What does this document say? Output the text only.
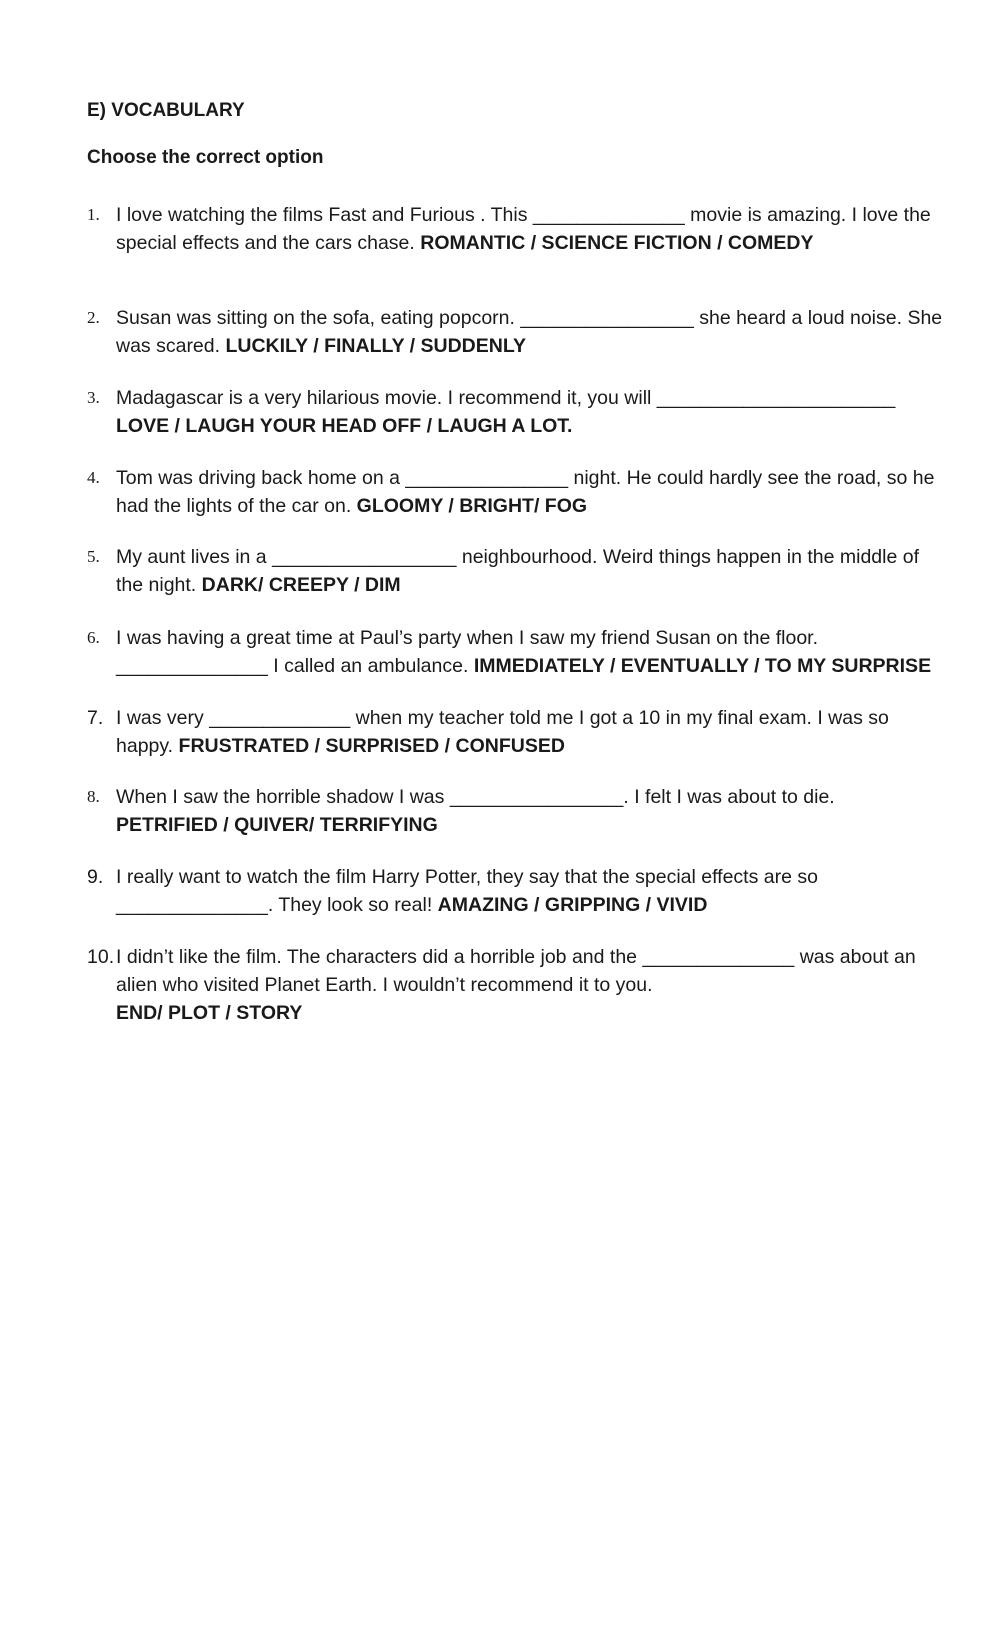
E) VOCABULARY
Choose the correct option
1. I love watching the films Fast and Furious . This ______________ movie is amazing. I love the special effects and the cars chase. ROMANTIC / SCIENCE FICTION / COMEDY
2. Susan was sitting on the sofa, eating popcorn. ________________ she heard a loud noise. She was scared. LUCKILY / FINALLY / SUDDENLY
3. Madagascar is a very hilarious movie. I recommend it, you will ______________________
LOVE / LAUGH YOUR HEAD OFF / LAUGH A LOT.
4. Tom was driving back home on a _______________ night. He could hardly see the road, so he had the lights of the car on. GLOOMY / BRIGHT/ FOG
5. My aunt lives in a _________________ neighbourhood. Weird things happen in the middle of the night. DARK/ CREEPY / DIM
6. I was having a great time at Paul’s party when I saw my friend Susan on the floor. ______________ I called an ambulance. IMMEDIATELY / EVENTUALLY / TO MY SURPRISE
7. I was very _____________ when my teacher told me I got a 10 in my final exam. I was so happy. FRUSTRATED / SURPRISED / CONFUSED
8. When I saw the horrible shadow I was ________________. I felt I was about to die.
PETRIFIED / QUIVER/ TERRIFYING
9. I really want to watch the film Harry Potter, they say that the special effects are so ______________. They look so real! AMAZING / GRIPPING / VIVID
10. I didn’t like the film. The characters did a horrible job and the ______________ was about an alien who visited Planet Earth. I wouldn’t recommend it to you.
END/ PLOT / STORY
